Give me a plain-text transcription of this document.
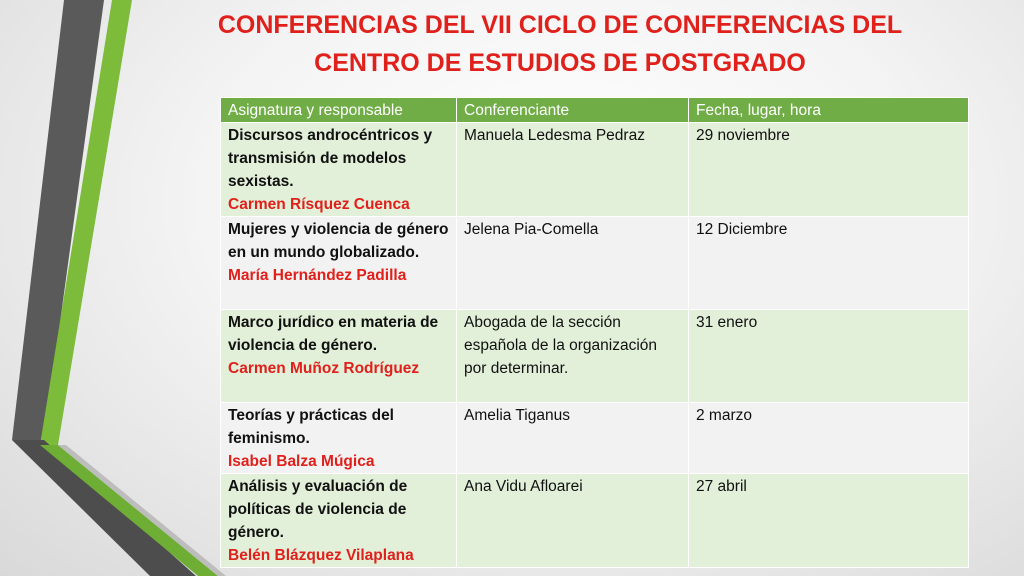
CONFERENCIAS DEL VII CICLO DE CONFERENCIAS DEL
CENTRO DE ESTUDIOS DE POSTGRADO
Asignatura y responsable	Conferenciante	Fecha, lugar, hora

Discursos androcéntricos y transmisión de modelos sexistas.
Carmen Rísquez Cuenca	Manuela Ledesma Pedraz	29 noviembre

Mujeres y violencia de género en un mundo globalizado.
María Hernández Padilla	Jelena Pia-Comella	12 Diciembre

Marco jurídico en materia de violencia de género.
Carmen Muñoz Rodríguez	Abogada de la sección española de la organización por determinar.	31 enero

Teorías y prácticas del feminismo.
Isabel Balza Múgica	Amelia Tiganus	2 marzo

Análisis y evaluación de políticas de violencia de género.
Belén Blázquez Vilaplana	Ana Vidu Afloarei	27 abril
